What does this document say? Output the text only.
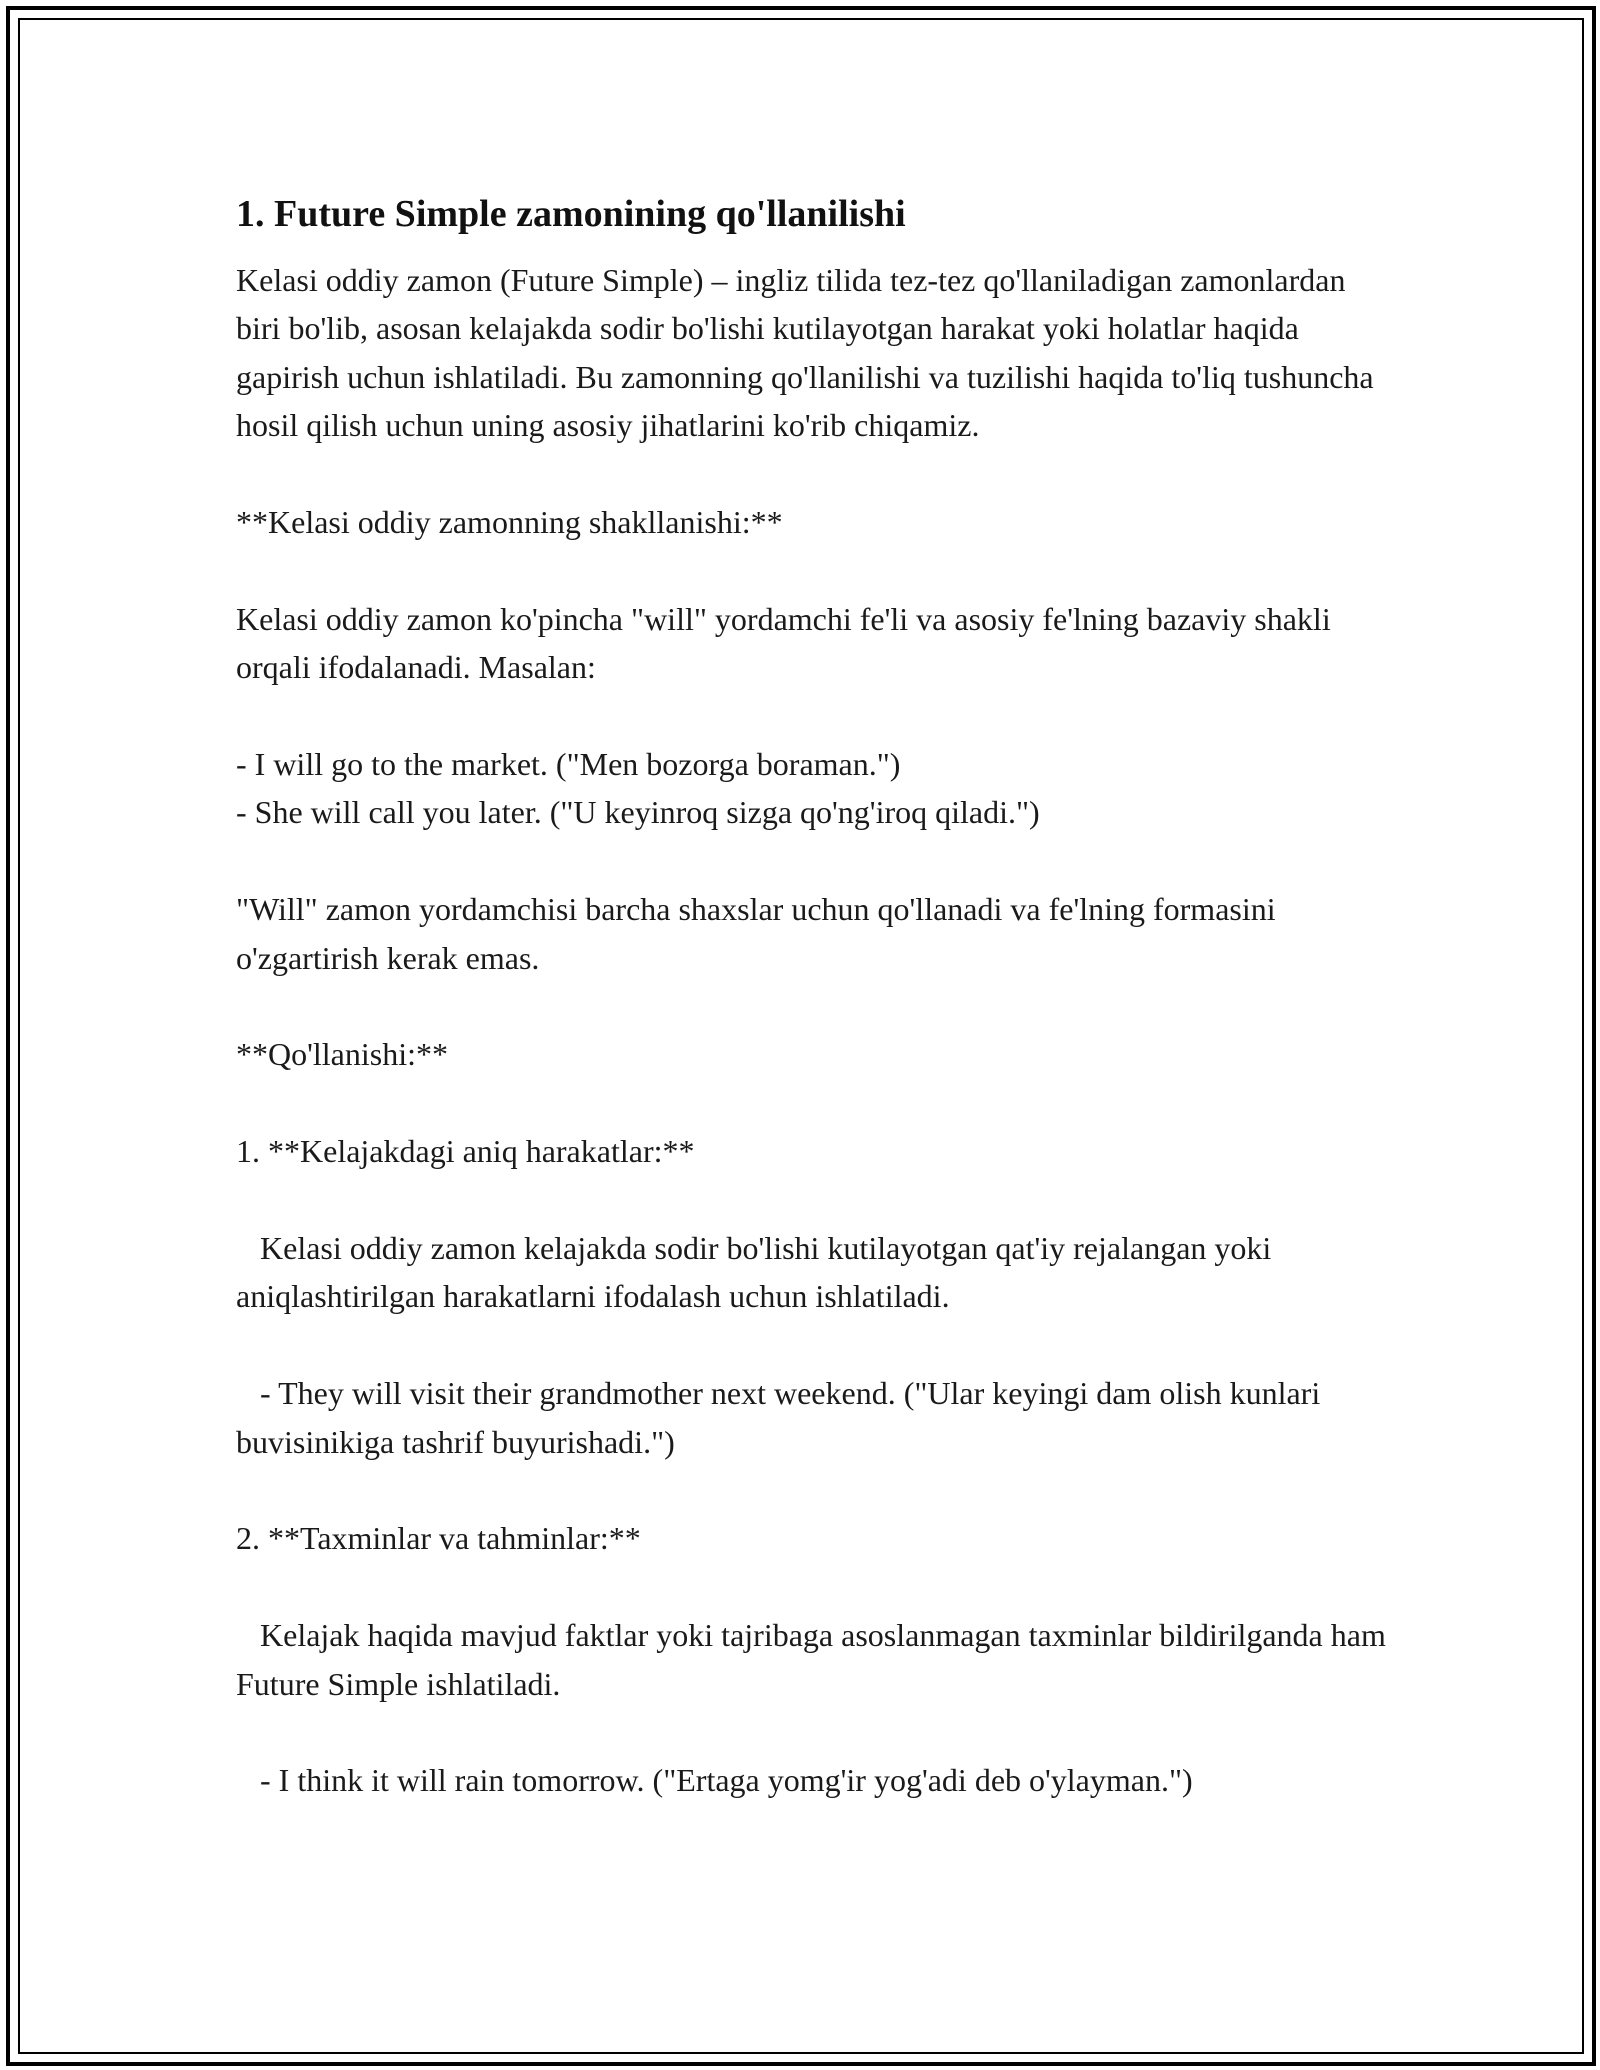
1. Future Simple zamonining qo'llanilishi

Kelasi oddiy zamon (Future Simple) – ingliz tilida tez-tez qo'llaniladigan zamonlardan biri bo'lib, asosan kelajakda sodir bo'lishi kutilayotgan harakat yoki holatlar haqida gapirish uchun ishlatiladi. Bu zamonning qo'llanilishi va tuzilishi haqida to'liq tushuncha hosil qilish uchun uning asosiy jihatlarini ko'rib chiqamiz.

**Kelasi oddiy zamonning shakllanishi:**

Kelasi oddiy zamon ko'pincha "will" yordamchi fe'li va asosiy fe'lning bazaviy shakli orqali ifodalanadi. Masalan:

- I will go to the market. ("Men bozorga boraman.")

- She will call you later. ("U keyinroq sizga qo'ng'iroq qiladi.")

"Will" zamon yordamchisi barcha shaxslar uchun qo'llanadi va fe'lning formasini o'zgartirish kerak emas.

**Qo'llanishi:**

1. **Kelajakdagi aniq harakatlar:**

Kelasi oddiy zamon kelajakda sodir bo'lishi kutilayotgan qat'iy rejalangan yoki aniqlashtirilgan harakatlarni ifodalash uchun ishlatiladi.

- They will visit their grandmother next weekend. ("Ular keyingi dam olish kunlari buvisinikiga tashrif buyurishadi.")

2. **Taxminlar va tahminlar:**

Kelajak haqida mavjud faktlar yoki tajribaga asoslanmagan taxminlar bildirilganda ham Future Simple ishlatiladi.

- I think it will rain tomorrow. ("Ertaga yomg'ir yog'adi deb o'ylayman.")
